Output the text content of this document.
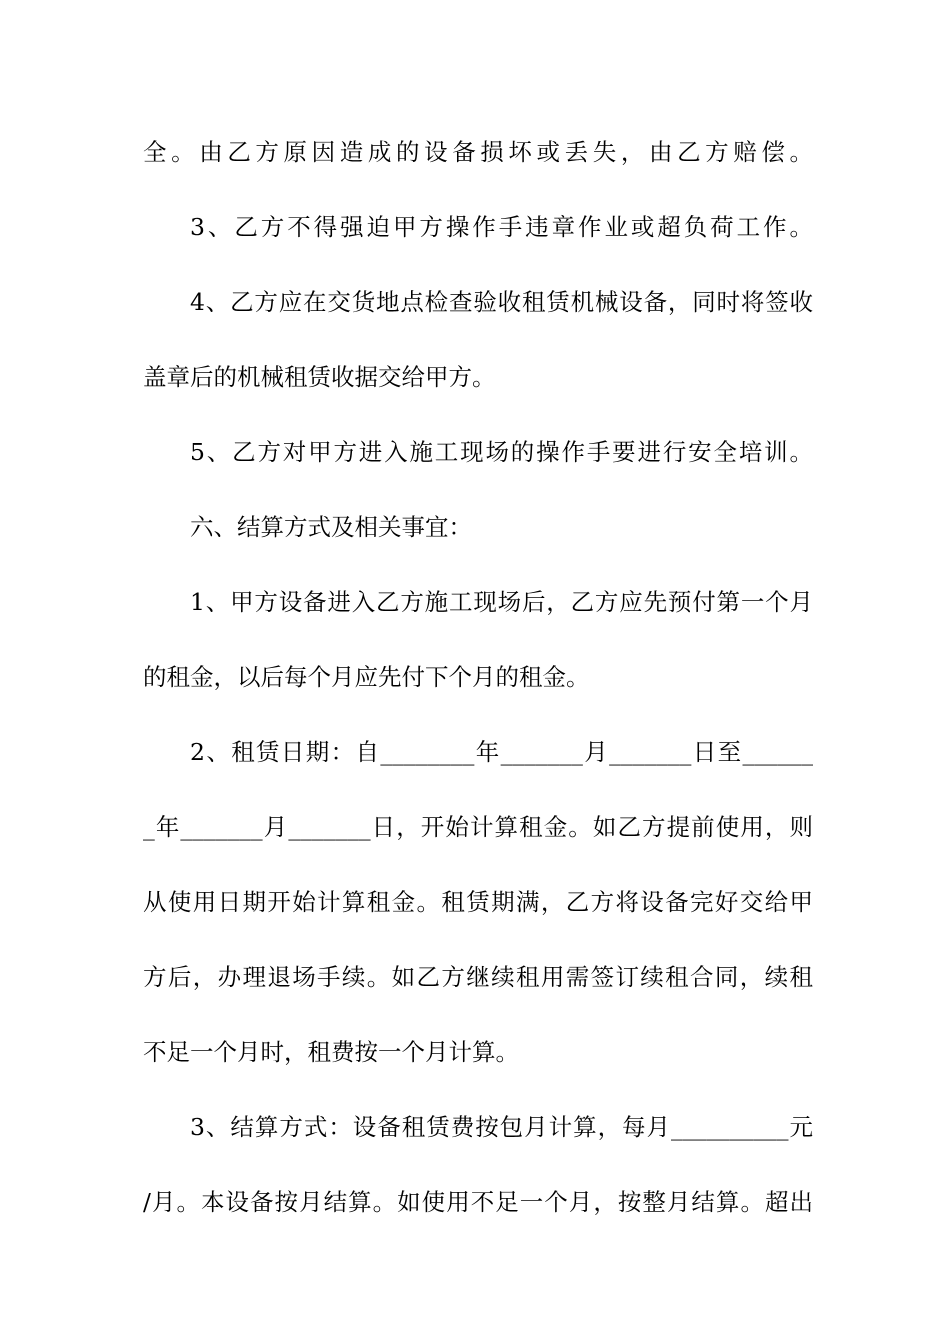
全。由乙方原因造成的设备损坏或丢失，由乙方赔偿。
3、乙方不得强迫甲方操作手违章作业或超负荷工作。
4、乙方应在交货地点检查验收租赁机械设备，同时将签收
盖章后的机械租赁收据交给甲方。
5、乙方对甲方进入施工现场的操作手要进行安全培训。
六、结算方式及相关事宜：
1、甲方设备进入乙方施工现场后，乙方应先预付第一个月
的租金，以后每个月应先付下个月的租金。
2、租赁日期：自________年_______月_______日至______
_年_______月_______日，开始计算租金。如乙方提前使用，则
从使用日期开始计算租金。租赁期满，乙方将设备完好交给甲
方后，办理退场手续。如乙方继续租用需签订续租合同，续租
不足一个月时，租费按一个月计算。
3、结算方式：设备租赁费按包月计算，每月__________元
/月。本设备按月结算。如使用不足一个月，按整月结算。超出
